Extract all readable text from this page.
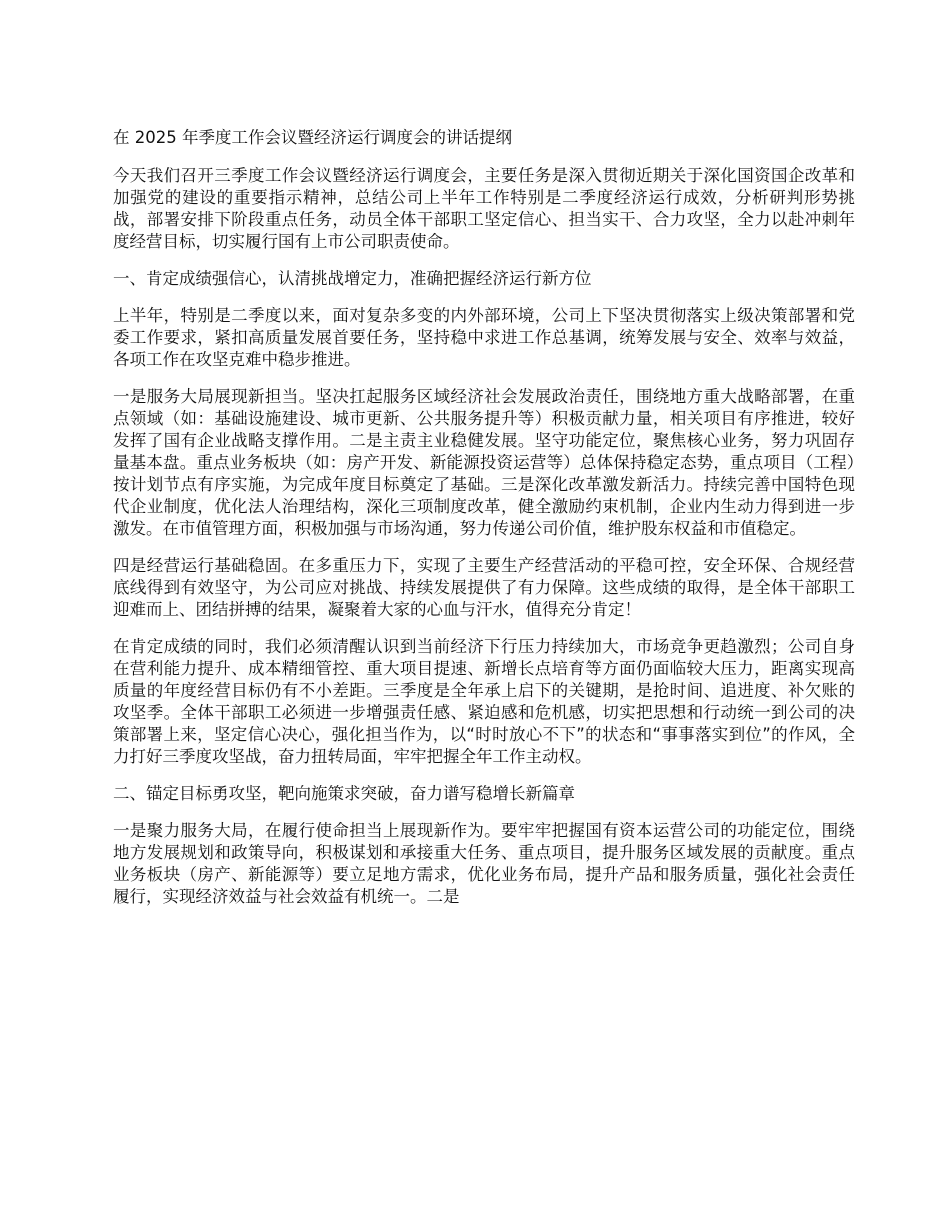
在 2025 年季度工作会议暨经济运行调度会的讲话提纲

今天我们召开三季度工作会议暨经济运行调度会，主要任务是深入贯彻近期关于深化国资国企改革和加强党的建设的重要指示精神，总结公司上半年工作特别是二季度经济运行成效，分析研判形势挑战，部署安排下阶段重点任务，动员全体干部职工坚定信心、担当实干、合力攻坚，全力以赴冲刺年度经营目标，切实履行国有上市公司职责使命。

一、肯定成绩强信心，认清挑战增定力，准确把握经济运行新方位

上半年，特别是二季度以来，面对复杂多变的内外部环境，公司上下坚决贯彻落实上级决策部署和党委工作要求，紧扣高质量发展首要任务，坚持稳中求进工作总基调，统筹发展与安全、效率与效益，各项工作在攻坚克难中稳步推进。

一是服务大局展现新担当。坚决扛起服务区域经济社会发展政治责任，围绕地方重大战略部署，在重点领域（如：基础设施建设、城市更新、公共服务提升等）积极贡献力量，相关项目有序推进，较好发挥了国有企业战略支撑作用。二是主责主业稳健发展。坚守功能定位，聚焦核心业务，努力巩固存量基本盘。重点业务板块（如：房产开发、新能源投资运营等）总体保持稳定态势，重点项目（工程）按计划节点有序实施，为完成年度目标奠定了基础。三是深化改革激发新活力。持续完善中国特色现代企业制度，优化法人治理结构，深化三项制度改革，健全激励约束机制，企业内生动力得到进一步激发。在市值管理方面，积极加强与市场沟通，努力传递公司价值，维护股东权益和市值稳定。

四是经营运行基础稳固。在多重压力下，实现了主要生产经营活动的平稳可控，安全环保、合规经营底线得到有效坚守，为公司应对挑战、持续发展提供了有力保障。这些成绩的取得，是全体干部职工迎难而上、团结拼搏的结果，凝聚着大家的心血与汗水，值得充分肯定！

在肯定成绩的同时，我们必须清醒认识到当前经济下行压力持续加大，市场竞争更趋激烈；公司自身在营利能力提升、成本精细管控、重大项目提速、新增长点培育等方面仍面临较大压力，距离实现高质量的年度经营目标仍有不小差距。三季度是全年承上启下的关键期，是抢时间、追进度、补欠账的攻坚季。全体干部职工必须进一步增强责任感、紧迫感和危机感，切实把思想和行动统一到公司的决策部署上来，坚定信心决心，强化担当作为，以“时时放心不下”的状态和“事事落实到位”的作风，全力打好三季度攻坚战，奋力扭转局面，牢牢把握全年工作主动权。

二、锚定目标勇攻坚，靶向施策求突破，奋力谱写稳增长新篇章

一是聚力服务大局，在履行使命担当上展现新作为。要牢牢把握国有资本运营公司的功能定位，围绕地方发展规划和政策导向，积极谋划和承接重大任务、重点项目，提升服务区域发展的贡献度。重点业务板块（房产、新能源等）要立足地方需求，优化业务布局，提升产品和服务质量，强化社会责任履行，实现经济效益与社会效益有机统一。二是
